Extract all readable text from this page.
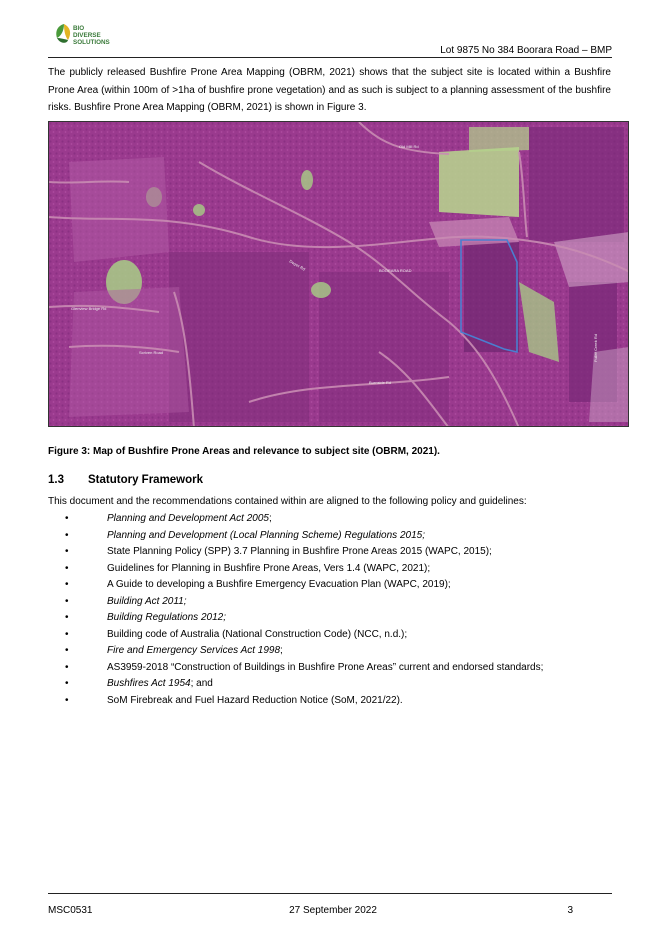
BIO
DIVERSE
SOLUTIONS
Lot 9875 No 384 Boorara Road – BMP

The publicly released Bushfire Prone Area Mapping (OBRM, 2021) shows that the subject site is located within a Bushfire Prone Area (within 100m of >1ha of bushfire prone vegetation) and as such is subject to a planning assessment of the bushfire risks. Bushfire Prone Area Mapping (OBRM, 2021) is shown in Figure 3.

Old Mill Rd
BOORARA ROAD
Dwyer Rd
Glenview Bridge Rd
Scriven Road
Burnside Rd
Fuller Creek Rd

Figure 3: Map of Bushfire Prone Areas and relevance to subject site (OBRM, 2021).

1.3 Statutory Framework

This document and the recommendations contained within are aligned to the following policy and guidelines:

•	Planning and Development Act 2005;
•	Planning and Development (Local Planning Scheme) Regulations 2015;
•	State Planning Policy (SPP) 3.7 Planning in Bushfire Prone Areas 2015 (WAPC, 2015);
•	Guidelines for Planning in Bushfire Prone Areas, Vers 1.4 (WAPC, 2021);
•	A Guide to developing a Bushfire Emergency Evacuation Plan (WAPC, 2019);
•	Building Act 2011;
•	Building Regulations 2012;
•	Building code of Australia (National Construction Code) (NCC, n.d.);
•	Fire and Emergency Services Act 1998;
•	AS3959-2018 “Construction of Buildings in Bushfire Prone Areas” current and endorsed standards;
•	Bushfires Act 1954; and
•	SoM Firebreak and Fuel Hazard Reduction Notice (SoM, 2021/22).
MSC0531	27 September 2022	3
